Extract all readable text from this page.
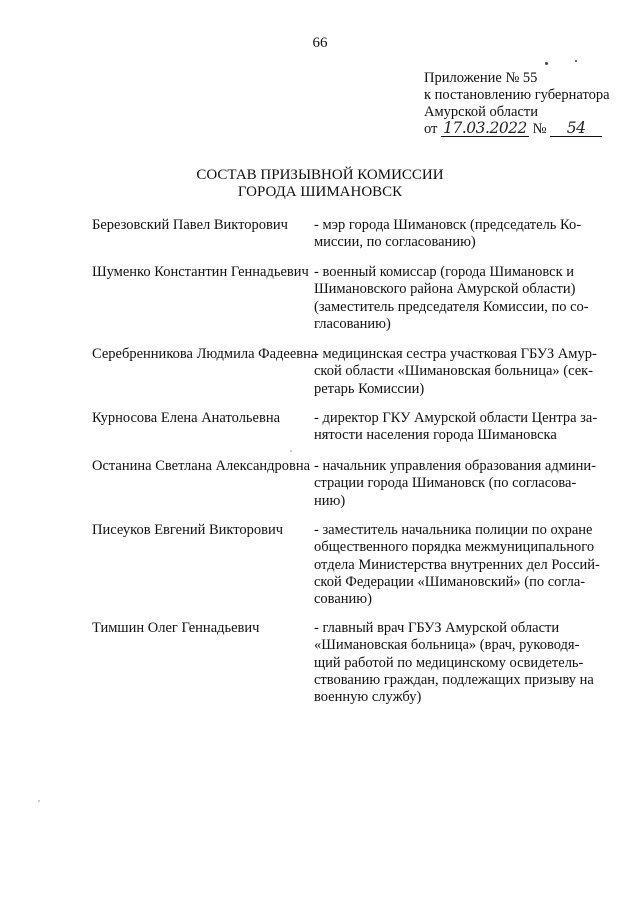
66
Приложение № 55
к постановлению губернатора
Амурской области
от 17.03.2022 № 54
СОСТАВ ПРИЗЫВНОЙ КОМИССИИ
ГОРОДА ШИМАНОВСК
Березовский Павел Викторович - мэр города Шимановск (председатель Ко-
миссии, по согласованию)
Шуменко Константин Геннадьевич - военный комиссар (города Шимановск и
Шимановского района Амурской области)
(заместитель председателя Комиссии, по со-
гласованию)
Серебренникова Людмила Фадеевна
- медицинская сестра участковая ГБУЗ Амур-
ской области «Шимановская больница» (сек-
ретарь Комиссии)
Курносова Елена Анатольевна - директор ГКУ Амурской области Центра за-
нятости населения города Шимановска
Останина Светлана Александровна - начальник управления образования админи-
страции города Шимановск (по согласова-
нию)
Писеуков Евгений Викторович - заместитель начальника полиции по охране
общественного порядка межмуниципального
отдела Министерства внутренних дел Россий-
ской Федерации «Шимановский» (по согла-
сованию)
Тимшин Олег Геннадьевич	- главный врач ГБУЗ Амурской области
«Шимановская больница» (врач, руководя-
щий работой по медицинскому освидетель-
ствованию граждан, подлежащих призыву на
военную службу)
